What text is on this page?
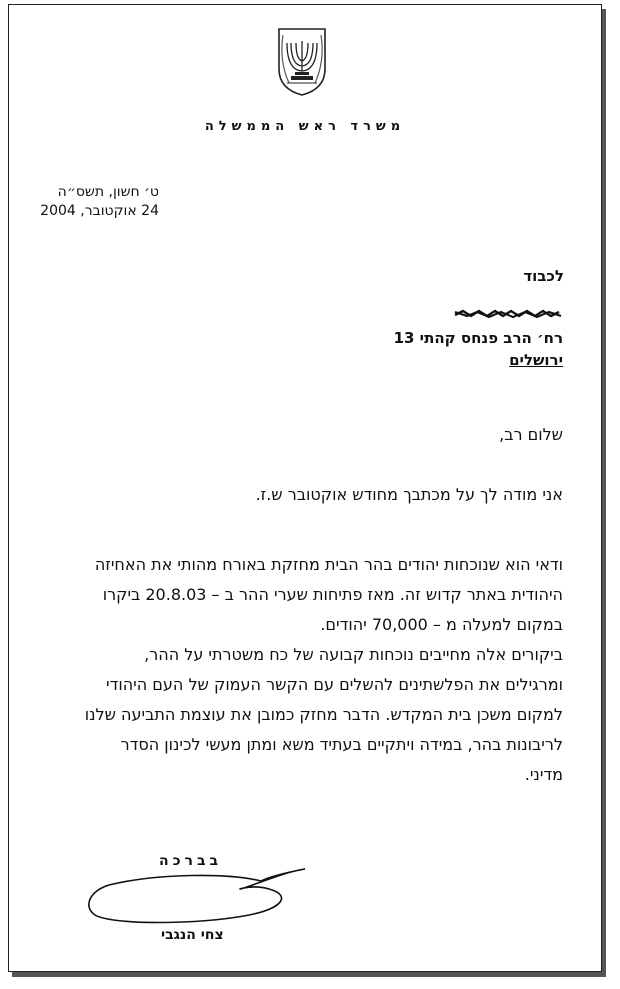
משרד ראש הממשלה
ט׳ חשון, תשס״ה
24 אוקטובר, 2004
לכבוד
רח׳ הרב פנחס קהתי 13
ירושלים
שלום רב,
אני מודה לך על מכתבך מחודש אוקטובר ש.ז.

ודאי הוא שנוכחות יהודים בהר הבית מחזקת באורח מהותי את האחיזה

היהודית באתר קדוש זה. מאז פתיחות שערי ההר ב – 20.8.03 ביקרו

במקום למעלה מ – 70,000 יהודים.

ביקורים אלה מחייבים נוכחות קבועה של כח משטרתי על ההר,

ומרגילים את הפלשתינים להשלים עם הקשר העמוק של העם היהודי

למקום משכן בית המקדש. הדבר מחזק כמובן את עוצמת התביעה שלנו

לריבונות בהר, במידה ויתקיים בעתיד משא ומתן מעשי לכינון הסדר

מדיני.

בברכה
צחי הנגבי
